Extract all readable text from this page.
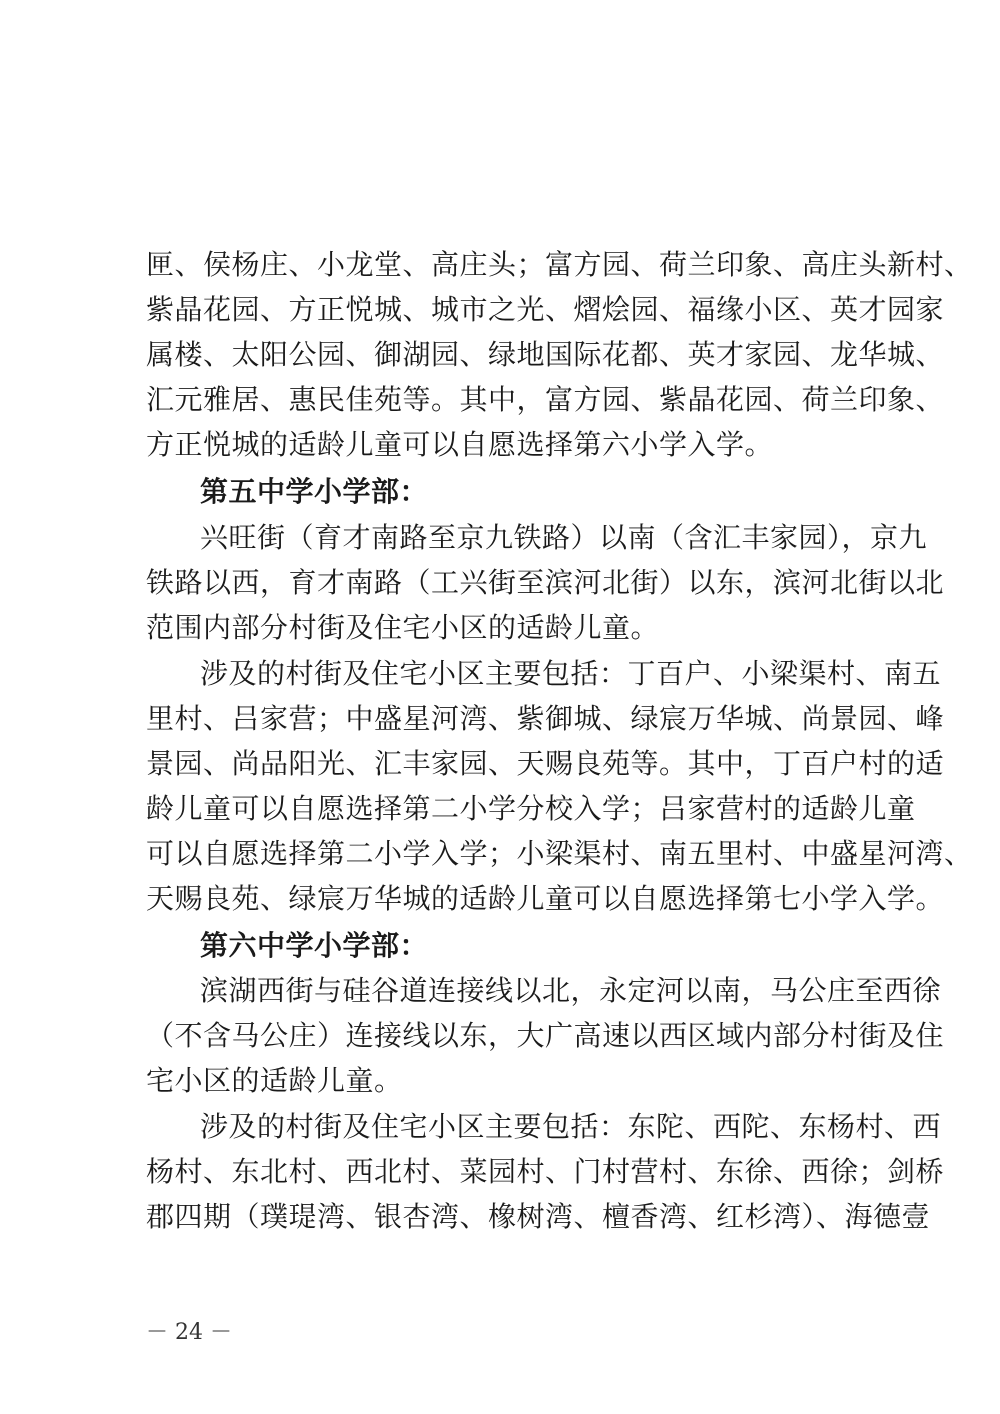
匣、侯杨庄、小龙堂、高庄头；富方园、荷兰印象、高庄头新村、
紫晶花园、方正悦城、城市之光、熠烩园、福缘小区、英才园家
属楼、太阳公园、御湖园、绿地国际花都、英才家园、龙华城、
汇元雅居、惠民佳苑等。其中，富方园、紫晶花园、荷兰印象、
方正悦城的适龄儿童可以自愿选择第六小学入学。
第五中学小学部：
兴旺街（育才南路至京九铁路）以南（含汇丰家园），京九
铁路以西，育才南路（工兴街至滨河北街）以东，滨河北街以北
范围内部分村街及住宅小区的适龄儿童。
涉及的村街及住宅小区主要包括：丁百户、小梁渠村、南五
里村、吕家营；中盛星河湾、紫御城、绿宸万华城、尚景园、峰
景园、尚品阳光、汇丰家园、天赐良苑等。其中，丁百户村的适
龄儿童可以自愿选择第二小学分校入学；吕家营村的适龄儿童
可以自愿选择第二小学入学；小梁渠村、南五里村、中盛星河湾、
天赐良苑、绿宸万华城的适龄儿童可以自愿选择第七小学入学。
第六中学小学部：
滨湖西街与硅谷道连接线以北，永定河以南，马公庄至西徐
（不含马公庄）连接线以东，大广高速以西区域内部分村街及住
宅小区的适龄儿童。
涉及的村街及住宅小区主要包括：东陀、西陀、东杨村、西
杨村、东北村、西北村、菜园村、门村营村、东徐、西徐；剑桥
郡四期（璞瑅湾、银杏湾、橡树湾、檀香湾、红杉湾）、海德壹
－ 24 －
